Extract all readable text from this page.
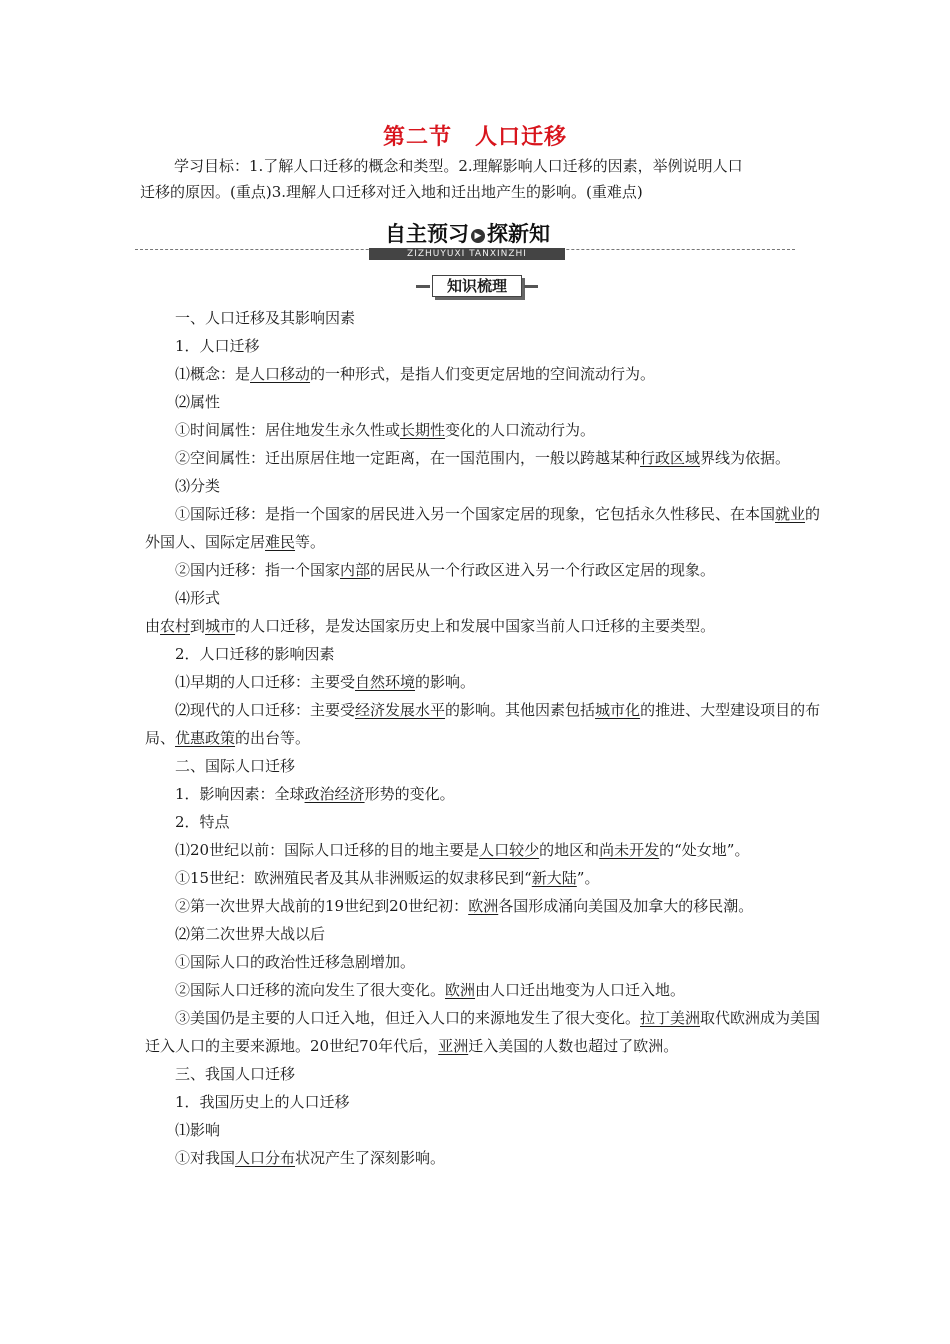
第二节　人口迁移

学习目标：1.了解人口迁移的概念和类型。2.理解影响人口迁移的因素，举例说明人口

迁移的原因。(重点)3.理解人口迁移对迁入地和迁出地产生的影响。(重难点)

自主预习 ▶ 探新知
ZIZHUYUXI TANXINZHI
知识梳理

一、人口迁移及其影响因素

1．人口迁移

⑴概念：是人口移动的一种形式，是指人们变更定居地的空间流动行为。

⑵属性

①时间属性：居住地发生永久性或长期性变化的人口流动行为。

②空间属性：迁出原居住地一定距离，在一国范围内，一般以跨越某种行政区域界线为依据。

⑶分类

①国际迁移：是指一个国家的居民进入另一个国家定居的现象，它包括永久性移民、在本国就业的外国人、国际定居难民等。

②国内迁移：指一个国家内部的居民从一个行政区进入另一个行政区定居的现象。

⑷形式

由农村到城市的人口迁移，是发达国家历史上和发展中国家当前人口迁移的主要类型。

2．人口迁移的影响因素

⑴早期的人口迁移：主要受自然环境的影响。

⑵现代的人口迁移：主要受经济发展水平的影响。其他因素包括城市化的推进、大型建设项目的布局、优惠政策的出台等。

二、国际人口迁移

1．影响因素：全球政治经济形势的变化。

2．特点

⑴20世纪以前：国际人口迁移的目的地主要是人口较少的地区和尚未开发的“处女地”。

①15世纪：欧洲殖民者及其从非洲贩运的奴隶移民到“新大陆”。

②第一次世界大战前的19世纪到20世纪初：欧洲各国形成涌向美国及加拿大的移民潮。

⑵第二次世界大战以后

①国际人口的政治性迁移急剧增加。

②国际人口迁移的流向发生了很大变化。欧洲由人口迁出地变为人口迁入地。

③美国仍是主要的人口迁入地，但迁入人口的来源地发生了很大变化。拉丁美洲取代欧洲成为美国迁入人口的主要来源地。20世纪70年代后，亚洲迁入美国的人数也超过了欧洲。

三、我国人口迁移

1．我国历史上的人口迁移

⑴影响

①对我国人口分布状况产生了深刻影响。
